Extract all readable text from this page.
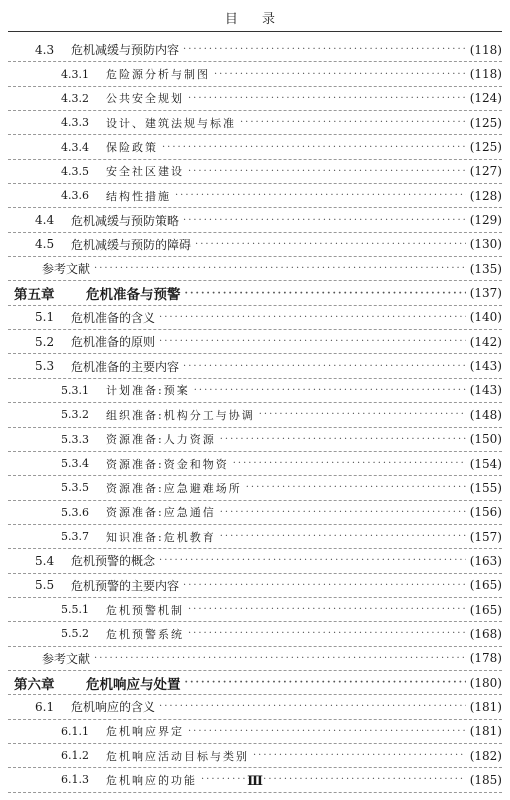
目 录
4.3	危机减缓与预防内容 ·····	(118)
4.3.1	危险源分析与制图 ·····	(118)
4.3.2	公共安全规划 ·····	(124)
4.3.3	设计、建筑法规与标准 ·····	(125)
4.3.4	保险政策 ·····	(125)
4.3.5	安全社区建设 ·····	(127)
4.3.6	结构性措施 ·····	(128)
4.4	危机减缓与预防策略 ·····	(129)
4.5	危机减缓与预防的障碍 ·····	(130)
参考文献 ·····	(135)
第五章	危机准备与预警 ·····	(137)
5.1	危机准备的含义 ·····	(140)
5.2	危机准备的原则 ·····	(142)
5.3	危机准备的主要内容 ·····	(143)
5.3.1	计划准备:预案 ·····	(143)
5.3.2	组织准备:机构分工与协调 ·····	(148)
5.3.3	资源准备:人力资源 ·····	(150)
5.3.4	资源准备:资金和物资 ·····	(154)
5.3.5	资源准备:应急避难场所 ·····	(155)
5.3.6	资源准备:应急通信 ·····	(156)
5.3.7	知识准备:危机教育 ·····	(157)
5.4	危机预警的概念 ·····	(163)
5.5	危机预警的主要内容 ·····	(165)
5.5.1	危机预警机制 ·····	(165)
5.5.2	危机预警系统 ·····	(168)
参考文献 ·····	(178)
第六章	危机响应与处置 ·····	(180)
6.1	危机响应的含义 ·····	(181)
6.1.1	危机响应界定 ·····	(181)
6.1.2	危机响应活动目标与类别 ·····	(182)
6.1.3	危机响应的功能 ·····	(185)
Ⅲ
